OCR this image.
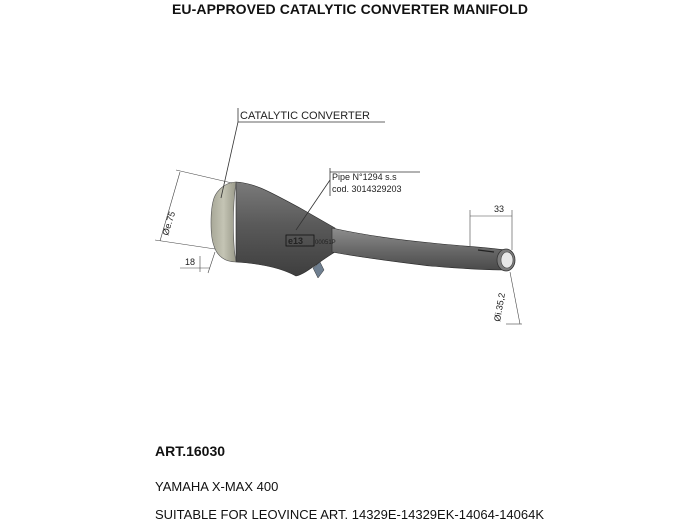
EU-APPROVED CATALYTIC CONVERTER MANIFOLD
e13 00051P
CATALYTIC CONVERTER
Pipe N°1294 s.s
cod. 3014329203
Øe.75
18
33
Øi.35,2
ART.16030
YAMAHA X-MAX 400
SUITABLE FOR LEOVINCE ART. 14329E-14329EK-14064-14064K
